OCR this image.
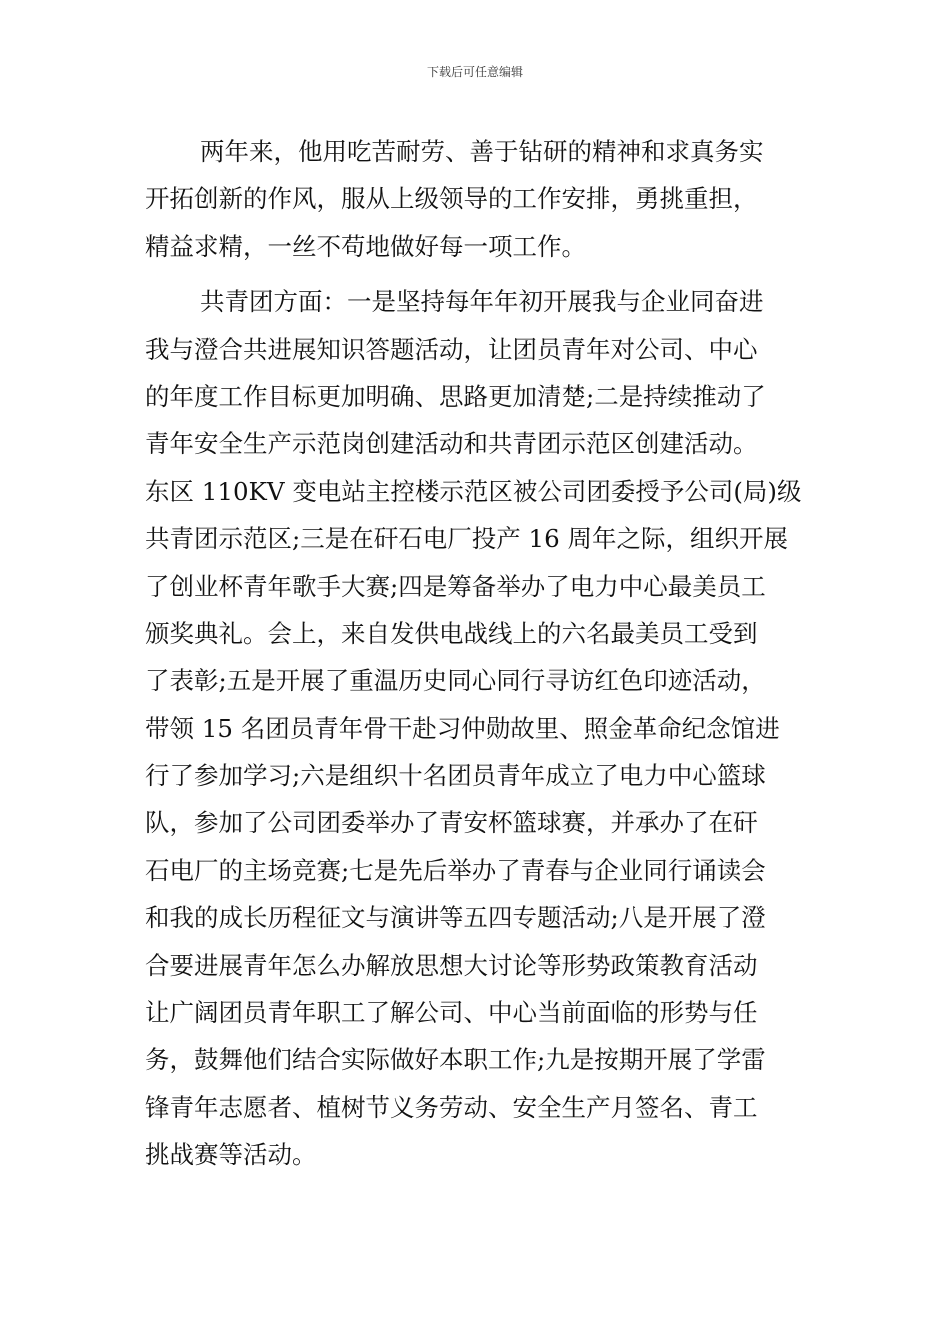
下载后可任意编辑
两年来，他用吃苦耐劳、善于钻研的精神和求真务实
开拓创新的作风，服从上级领导的工作安排，勇挑重担，
精益求精，一丝不苟地做好每一项工作。
共青团方面：一是坚持每年年初开展我与企业同奋进
我与澄合共进展知识答题活动，让团员青年对公司、中心
的年度工作目标更加明确、思路更加清楚;二是持续推动了
青年安全生产示范岗创建活动和共青团示范区创建活动。
东区 110KV 变电站主控楼示范区被公司团委授予公司(局)级
共青团示范区;三是在矸石电厂投产 16 周年之际，组织开展
了创业杯青年歌手大赛;四是筹备举办了电力中心最美员工
颁奖典礼。会上，来自发供电战线上的六名最美员工受到
了表彰;五是开展了重温历史同心同行寻访红色印迹活动，
带领 15 名团员青年骨干赴习仲勋故里、照金革命纪念馆进
行了参加学习;六是组织十名团员青年成立了电力中心篮球
队，参加了公司团委举办了青安杯篮球赛，并承办了在矸
石电厂的主场竞赛;七是先后举办了青春与企业同行诵读会
和我的成长历程征文与演讲等五四专题活动;八是开展了澄
合要进展青年怎么办解放思想大讨论等形势政策教育活动
让广阔团员青年职工了解公司、中心当前面临的形势与任
务，鼓舞他们结合实际做好本职工作;九是按期开展了学雷
锋青年志愿者、植树节义务劳动、安全生产月签名、青工
挑战赛等活动。
